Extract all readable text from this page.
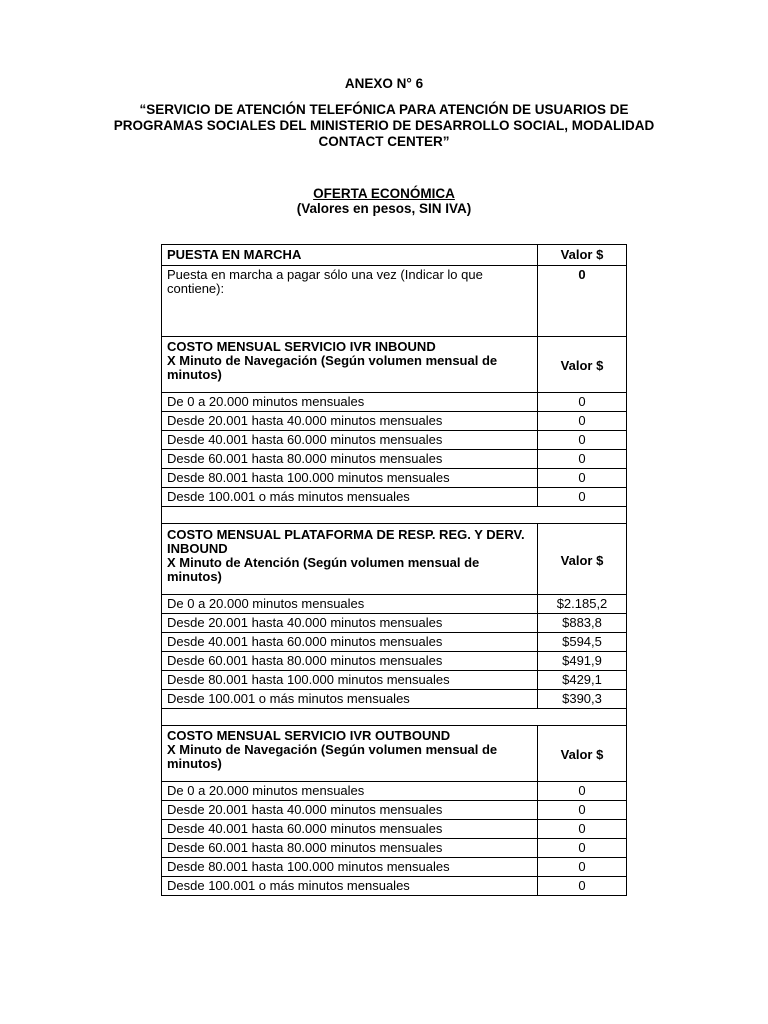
ANEXO N° 6
“SERVICIO DE ATENCIÓN TELEFÓNICA PARA ATENCIÓN DE USUARIOS DE
PROGRAMAS SOCIALES DEL MINISTERIO DE DESARROLLO SOCIAL, MODALIDAD
CONTACT CENTER”
OFERTA ECONÓMICA
(Valores en pesos, SIN IVA)
PUESTA EN MARCHA	Valor $
Puesta en marcha a pagar sólo una vez (Indicar lo que contiene):	0

COSTO MENSUAL SERVICIO IVR INBOUND
X Minuto de Navegación (Según volumen mensual de minutos)	Valor $
De 0 a 20.000 minutos mensuales	0
Desde 20.001 hasta 40.000 minutos mensuales	0
Desde 40.001 hasta 60.000 minutos mensuales	0
Desde 60.001 hasta 80.000 minutos mensuales	0
Desde 80.001 hasta 100.000 minutos mensuales	0
Desde 100.001 o más minutos mensuales	0

COSTO MENSUAL PLATAFORMA DE RESP. REG. Y DERV. INBOUND
X Minuto de Atención (Según volumen mensual de minutos)	Valor $
De 0 a 20.000 minutos mensuales	$2.185,2
Desde 20.001 hasta 40.000 minutos mensuales	$883,8
Desde 40.001 hasta 60.000 minutos mensuales	$594,5
Desde 60.001 hasta 80.000 minutos mensuales	$491,9
Desde 80.001 hasta 100.000 minutos mensuales	$429,1
Desde 100.001 o más minutos mensuales	$390,3

COSTO MENSUAL SERVICIO IVR OUTBOUND
X Minuto de Navegación (Según volumen mensual de minutos)	Valor $
De 0 a 20.000 minutos mensuales	0
Desde 20.001 hasta 40.000 minutos mensuales	0
Desde 40.001 hasta 60.000 minutos mensuales	0
Desde 60.001 hasta 80.000 minutos mensuales	0
Desde 80.001 hasta 100.000 minutos mensuales	0
Desde 100.001 o más minutos mensuales	0
